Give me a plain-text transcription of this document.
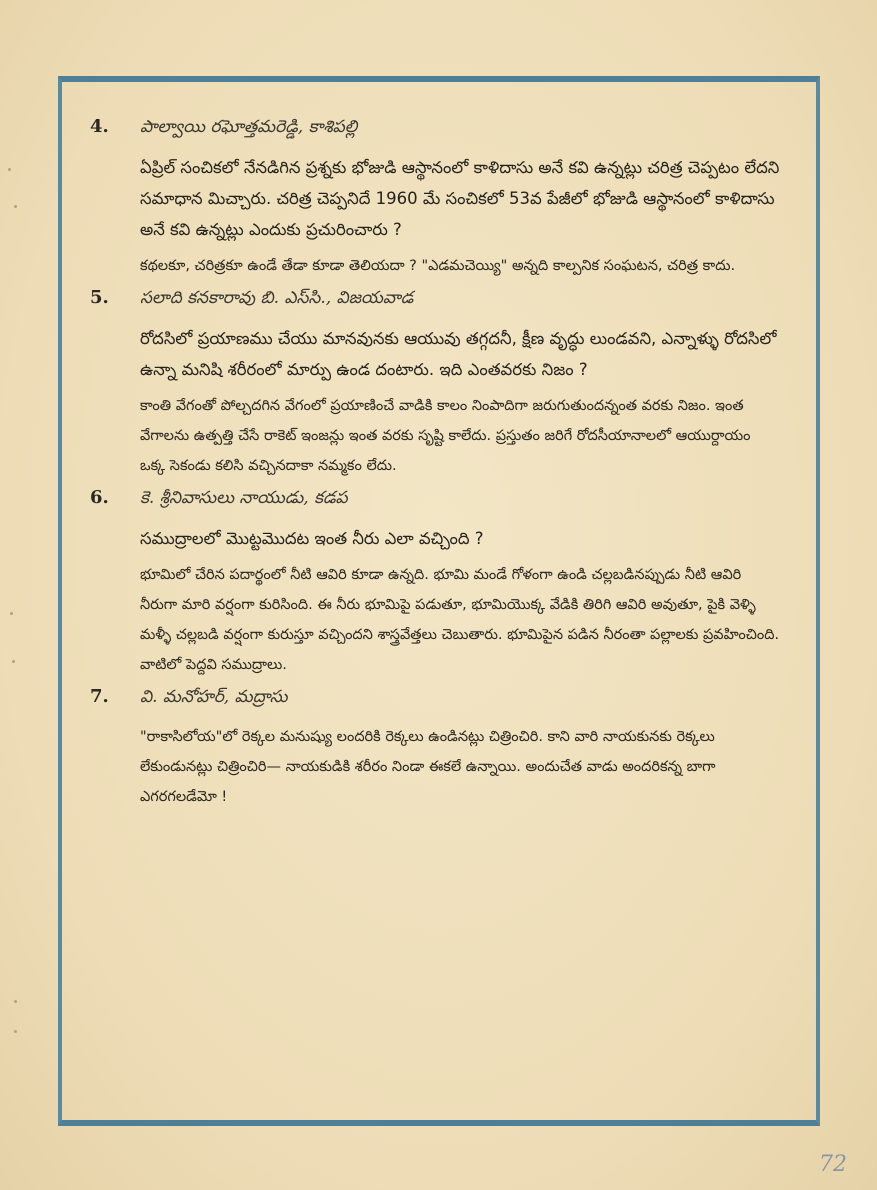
4.	పాల్వాయి రఘోత్తమరెడ్డి, కాశిపల్లి

ఏప్రిల్ సంచికలో నేనడిగిన ప్రశ్నకు భోజుడి ఆస్థానంలో కాళిదాసు అనే కవి ఉన్నట్లు చరిత్ర చెప్పటం లేదని సమాధాన మిచ్చారు. చరిత్ర చెప్పనిదే 1960 మే సంచికలో 53వ పేజీలో భోజుడి ఆస్థానంలో కాళిదాసు అనే కవి ఉన్నట్లు ఎందుకు ప్రచురించారు ?

కథలకూ, చరిత్రకూ ఉండే తేడా కూడా తెలియదా ? "ఎడమచెయ్యి" అన్నది కాల్పనిక సంఘటన, చరిత్ర కాదు.

5.	సలాది కనకారావు బి. ఎస్‌సి., విజయవాడ

రోదసిలో ప్రయాణము చేయు మానవునకు ఆయువు తగ్గదనీ, క్షీణ వృద్ధు లుండవని, ఎన్నాళ్ళు రోదసిలో ఉన్నా మనిషి శరీరంలో మార్పు ఉండ దంటారు. ఇది ఎంతవరకు నిజం ?

కాంతి వేగంతో పోల్చదగిన వేగంలో ప్రయాణించే వాడికి కాలం నింపాదిగా జరుగుతుందన్నంత వరకు నిజం. ఇంత వేగాలను ఉత్పత్తి చేసే రాకెట్ ఇంజన్లు ఇంత వరకు సృష్టి కాలేదు. ప్రస్తుతం జరిగే రోదసీయానాలలో ఆయుర్దాయం ఒక్క సెకండు కలిసి వచ్చినదాకా నమ్మకం లేదు.

6.	కె. శ్రీనివాసులు నాయుడు, కడప

సముద్రాలలో మొట్టమొదట ఇంత నీరు ఎలా వచ్చింది ?

భూమిలో చేరిన పదార్థంలో నీటి ఆవిరి కూడా ఉన్నది. భూమి మండే గోళంగా ఉండి చల్లబడినప్పుడు నీటి ఆవిరి నీరుగా మారి వర్షంగా కురిసింది. ఈ నీరు భూమిపై పడుతూ, భూమియొక్క వేడికి తిరిగి ఆవిరి అవుతూ, పైకి వెళ్ళి మళ్ళీ చల్లబడి వర్షంగా కురుస్తూ వచ్చిందని శాస్త్రవేత్తలు చెబుతారు. భూమిపైన పడిన నీరంతా పల్లాలకు ప్రవహించింది. వాటిలో పెద్దవి సముద్రాలు.

7.	వి. మనోహర్, మద్రాసు

"రాకాసిలోయ"లో రెక్కల మనుష్యు లందరికి రెక్కలు ఉండినట్లు చిత్రించిరి. కాని వారి నాయకునకు రెక్కలు లేకుండునట్లు చిత్రించిరి— నాయకుడికి శరీరం నిండా ఈకలే ఉన్నాయి. అందుచేత వాడు అందరికన్న బాగా ఎగరగలడేమో !

72
